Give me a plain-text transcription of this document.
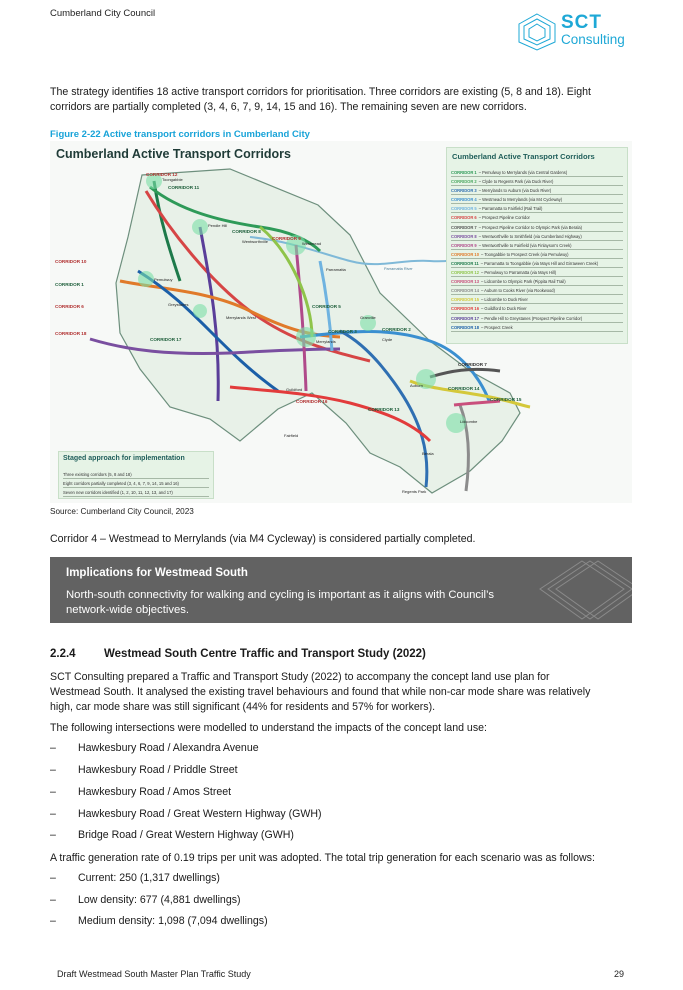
Cumberland City Council	SCT
Consulting
The strategy identifies 18 active transport corridors for prioritisation. Three corridors are existing (5, 8 and 18). Eight
corridors are partially completed (3, 4, 6, 7, 9, 14, 15 and 16). The remaining seven are new corridors.
Figure 2-22 Active transport corridors in Cumberland City
Cumberland Active Transport Corridors
CORRIDOR 12
CORRIDOR 11
CORRIDOR 8
CORRIDOR 9
CORRIDOR 10
CORRIDOR 1
CORRIDOR 6
CORRIDOR 18
CORRIDOR 17
CORRIDOR 5
CORRIDOR 3	CORRIDOR 2
CORRIDOR 7
CORRIDOR 14
CORRIDOR 13
CORRIDOR 16	CORRIDOR 15
Toongabbie
Pendle Hill
Wentworthville	Westmead
Parramatta	Parramatta River
Pemulwuy
Greystanes
Merrylands West
Merrylands
Granville
Clyde
Auburn
Lidcombe
Guildford
Berala
Fairfield
Regents Park
Cumberland Active Transport Corridors
CORRIDOR 1 – Pemulwuy to Merrylands (via Central Gardens)
CORRIDOR 2 – Clyde to Regents Park (via Duck River)
CORRIDOR 3 – Merrylands to Auburn (via Duck River)
CORRIDOR 4 – Westmead to Merrylands (via M4 Cycleway)
CORRIDOR 5 – Parramatta to Fairfield (Rail Trail)
CORRIDOR 6 – Prospect Pipeline Corridor
CORRIDOR 7 – Prospect Pipeline Corridor to Olympic Park (via Berala)
CORRIDOR 8 – Wentworthville to Smithfield (via Cumberland Highway)
CORRIDOR 9 – Wentworthville to Fairfield (via Finlayson's Creek)
CORRIDOR 10 – Toongabbie to Prospect Creek (via Pemulwuy)
CORRIDOR 11 – Parramatta to Toongabbie (via Mays Hill and Girraween Creek)
CORRIDOR 12 – Pemulwuy to Parramatta (via Mays Hill)
CORRIDOR 13 – Lidcombe to Olympic Park (Pippita Rail Trail)
CORRIDOR 14 – Auburn to Cooks River (via Rookwood)
CORRIDOR 15 – Lidcombe to Duck River
CORRIDOR 16 – Guildford to Duck River
CORRIDOR 17 – Pendle Hill to Greystanes (Prospect Pipeline Corridor)
CORRIDOR 18 – Prospect Creek
Staged approach for implementation
Three existing corridors (5, 8 and 18)
Eight corridors partially completed (3, 4, 6, 7, 9, 14, 15 and 16)
Seven new corridors identified (1, 2, 10, 11, 12, 13, and 17)
Source: Cumberland City Council, 2023
Corridor 4 – Westmead to Merrylands (via M4 Cycleway) is considered partially completed.
Implications for Westmead South
North-south connectivity for walking and cycling is important as it aligns with Council’s
network-wide objectives.
2.2.4 Westmead South Centre Traffic and Transport Study (2022)
SCT Consulting prepared a Traffic and Transport Study (2022) to accompany the concept land use plan for
Westmead South. It analysed the existing travel behaviours and found that while non-car mode share was relatively
high, car mode share was still significant (44% for residents and 57% for workers).
The following intersections were modelled to understand the impacts of the concept land use:
– Hawkesbury Road / Alexandra Avenue
– Hawkesbury Road / Priddle Street
– Hawkesbury Road / Amos Street
– Hawkesbury Road / Great Western Highway (GWH)
– Bridge Road / Great Western Highway (GWH)
A traffic generation rate of 0.19 trips per unit was adopted. The total trip generation for each scenario was as follows:
– Current: 250 (1,317 dwellings)
– Low density: 677 (4,881 dwellings)
– Medium density: 1,098 (7,094 dwellings)
Draft Westmead South Master Plan Traffic Study	29
